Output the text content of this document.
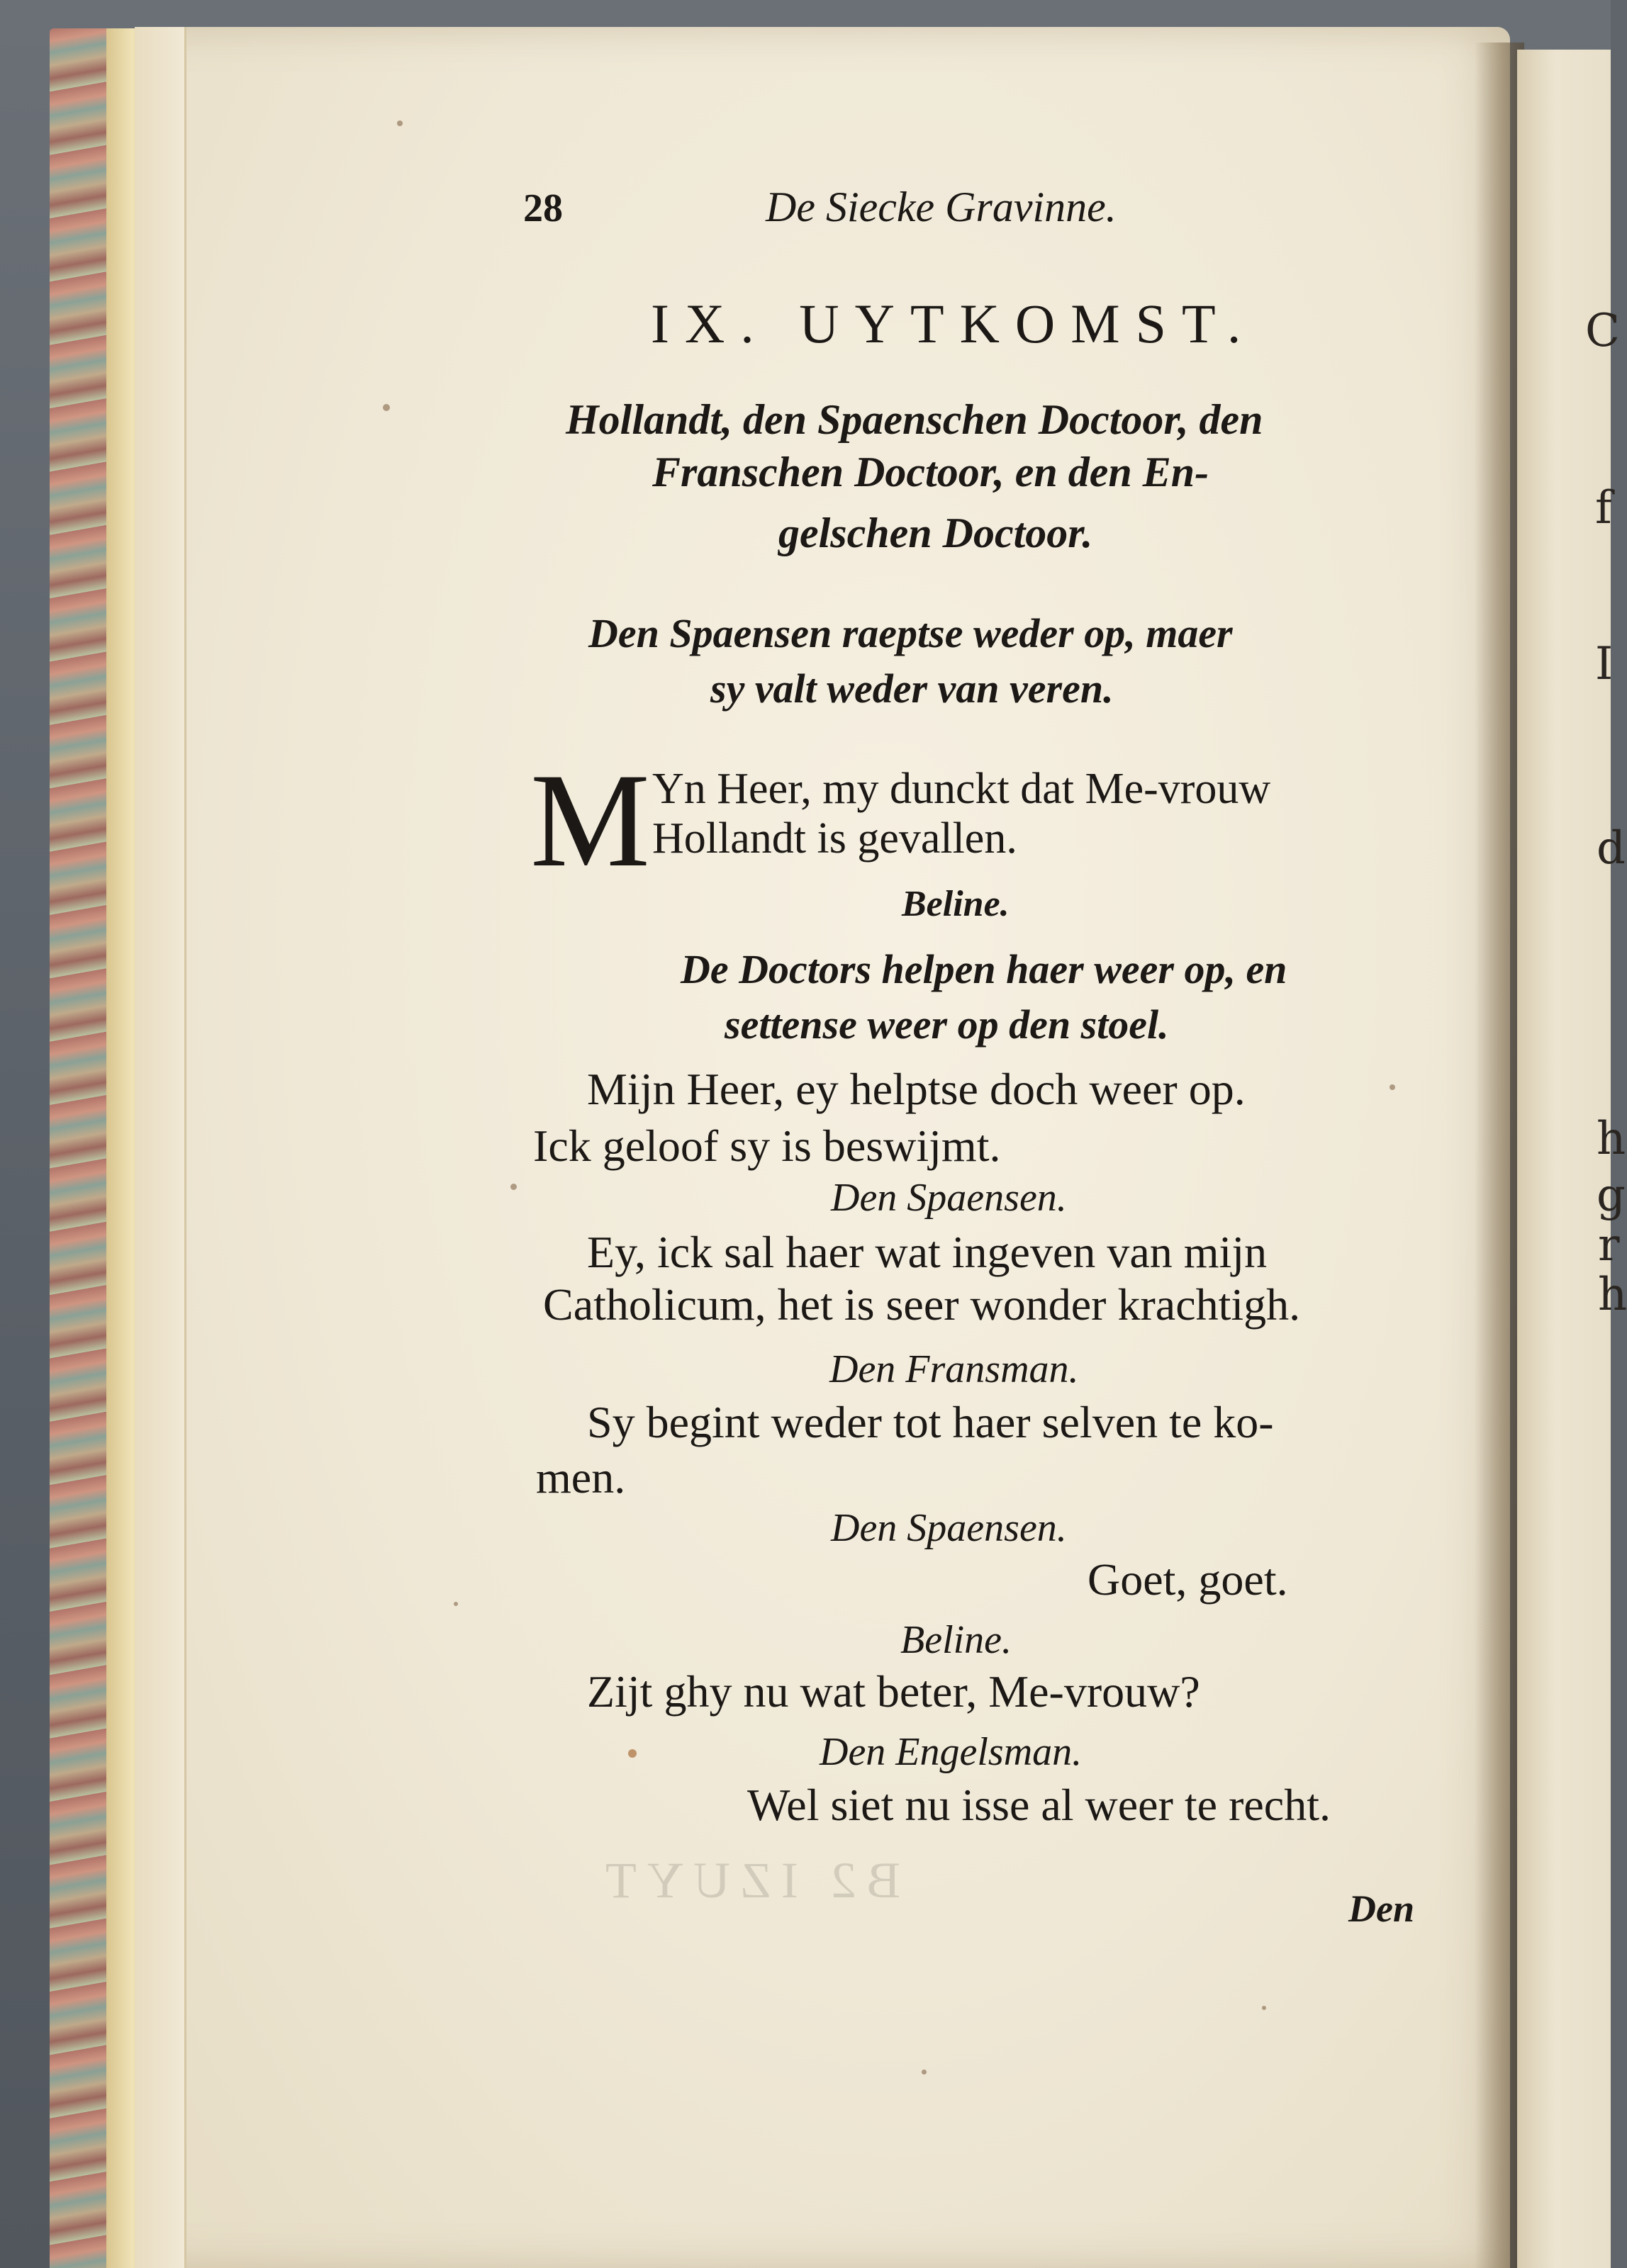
C
f
I
d
h
g
r
h
B2 IZUYT
28	De Siecke Gravinne.
IX. UYTKOMST.
Hollandt, den Spaenschen Doctoor, den
Franschen Doctoor, en den En-
gelschen Doctoor.
Den Spaensen raeptse weder op, maer
sy valt weder van veren.
M Yn Heer, my dunckt dat Me-vrouw
Hollandt is gevallen.
Beline.
De Doctors helpen haer weer op, en
settense weer op den stoel.
Mijn Heer, ey helptse doch weer op.
Ick geloof sy is beswijmt.
Den Spaensen.
Ey, ick sal haer wat ingeven van mijn
Catholicum, het is seer wonder krachtigh.
Den Fransman.
Sy begint weder tot haer selven te ko-
men.
Den Spaensen.
Goet, goet.
Beline.
Zijt ghy nu wat beter, Me-vrouw?
Den Engelsman.
Wel siet nu isse al weer te recht.
Den
